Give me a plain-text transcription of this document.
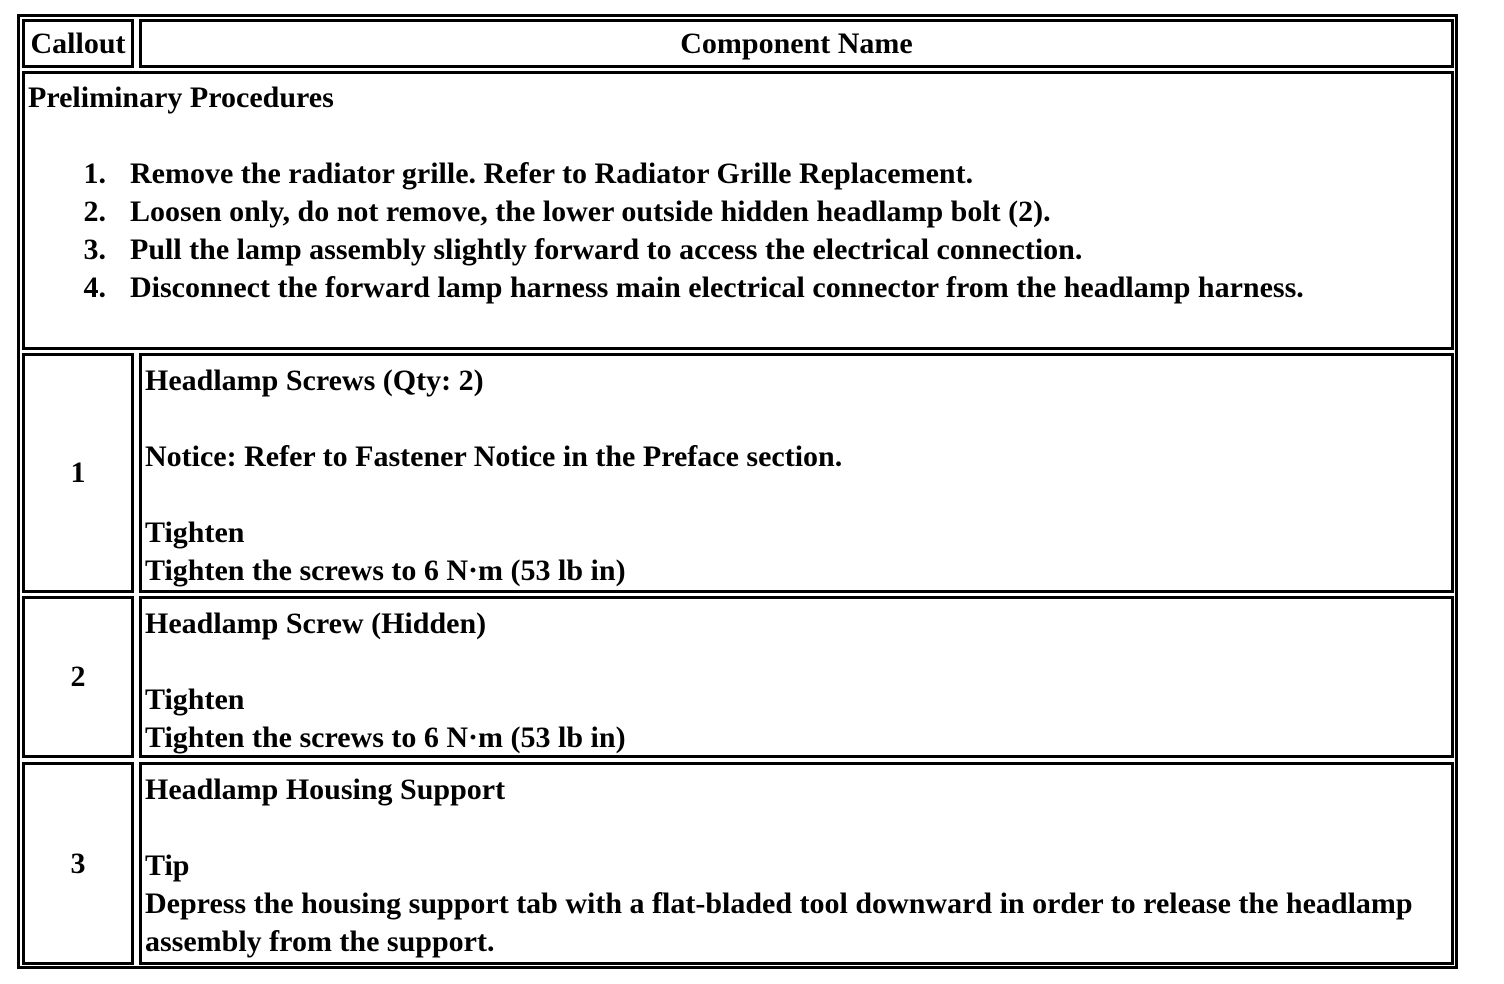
Callout	Component Name
Preliminary Procedures
1. Remove the radiator grille. Refer to Radiator Grille Replacement.
2. Loosen only, do not remove, the lower outside hidden headlamp bolt (2).
3. Pull the lamp assembly slightly forward to access the electrical connection.
4. Disconnect the forward lamp harness main electrical connector from the headlamp harness.
1
Headlamp Screws (Qty: 2)
Notice: Refer to Fastener Notice in the Preface section.
Tighten
Tighten the screws to 6 N·m (53 lb in)
2
Headlamp Screw (Hidden)
Tighten
Tighten the screws to 6 N·m (53 lb in)
3
Headlamp Housing Support
Tip
Depress the housing support tab with a flat-bladed tool downward in order to release the headlamp assembly from the support.
